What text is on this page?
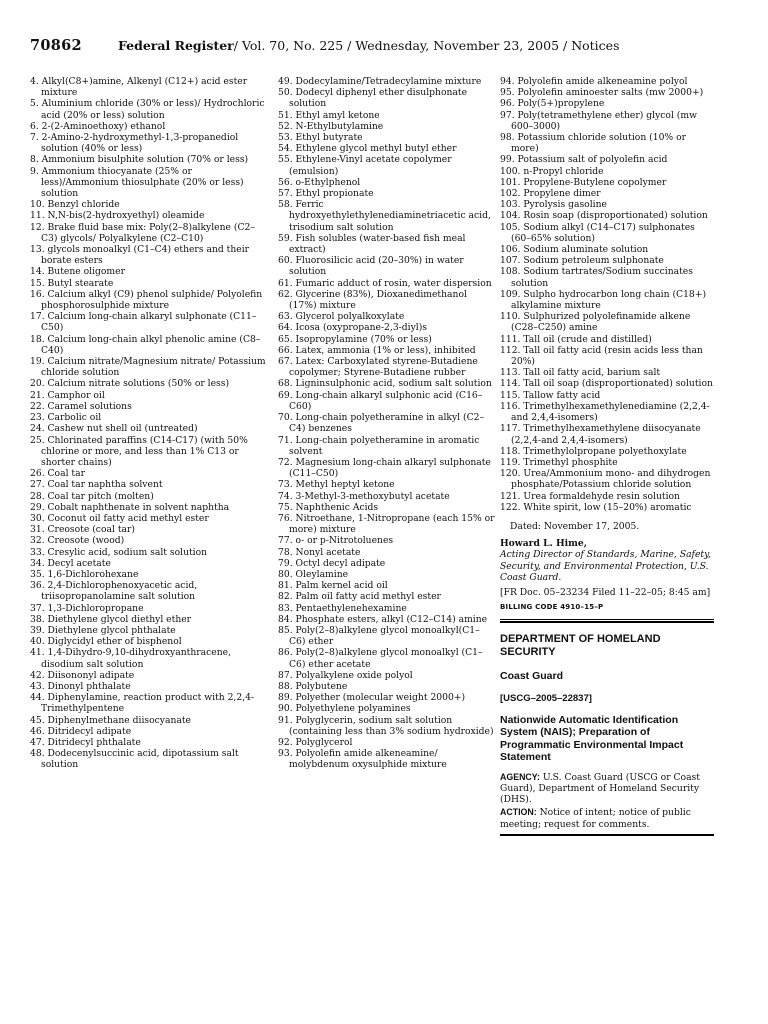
70862	Federal Register/ Vol. 70, No. 225 / Wednesday, November 23, 2005 / Notices
4. Alkyl(C8+)amine, Alkenyl (C12+) acid ester mixture
5. Aluminium chloride (30% or less)/ Hydrochloric acid (20% or less) solution
6. 2-(2-Aminoethoxy) ethanol
7. 2-Amino-2-hydroxymethyl-1,3-propanediol solution (40% or less)
8. Ammonium bisulphite solution (70% or less)
9. Ammonium thiocyanate (25% or less)/Ammonium thiosulphate (20% or less) solution
10. Benzyl chloride
11. N,N-bis(2-hydroxyethyl) oleamide
12. Brake fluid base mix: Poly(2–8)alkylene (C2–C3) glycols/ Polyalkylene (C2–C10)
13. glycols monoalkyl (C1–C4) ethers and their borate esters
14. Butene oligomer
15. Butyl stearate
16. Calcium alkyl (C9) phenol sulphide/ Polyolefin phosphorosulphide mixture
17. Calcium long-chain alkaryl sulphonate (C11–C50)
18. Calcium long-chain alkyl phenolic amine (C8–C40)
19. Calcium nitrate/Magnesium nitrate/ Potassium chloride solution
20. Calcium nitrate solutions (50% or less)
21. Camphor oil
22. Caramel solutions
23. Carbolic oil
24. Cashew nut shell oil (untreated)
25. Chlorinated paraffins (C14-C17) (with 50% chlorine or more, and less than 1% C13 or shorter chains)
26. Coal tar
27. Coal tar naphtha solvent
28. Coal tar pitch (molten)
29. Cobalt naphthenate in solvent naphtha
30. Coconut oil fatty acid methyl ester
31. Creosote (coal tar)
32. Creosote (wood)
33. Cresylic acid, sodium salt solution
34. Decyl acetate
35. 1,6-Dichlorohexane
36. 2,4-Dichlorophenoxyacetic acid, triisopropanolamine salt solution
37. 1,3-Dichloropropane
38. Diethylene glycol diethyl ether
39. Diethylene glycol phthalate
40. Diglycidyl ether of bisphenol
41. 1,4-Dihydro-9,10-dihydroxyanthracene, disodium salt solution
42. Diisononyl adipate
43. Dinonyl phthalate
44. Diphenylamine, reaction product with 2,2,4-Trimethylpentene
45. Diphenylmethane diisocyanate
46. Ditridecyl adipate
47. Ditridecyl phthalate
48. Dodecenylsuccinic acid, dipotassium salt solution
49. Dodecylamine/Tetradecylamine mixture
50. Dodecyl diphenyl ether disulphonate solution
51. Ethyl amyl ketone
52. N-Ethylbutylamine
53. Ethyl butyrate
54. Ethylene glycol methyl butyl ether
55. Ethylene-Vinyl acetate copolymer (emulsion)
56. o-Ethylphenol
57. Ethyl propionate
58. Ferric hydroxyethylethylenediaminetriacetic acid, trisodium salt solution
59. Fish solubles (water-based fish meal extract)
60. Fluorosilicic acid (20–30%) in water solution
61. Fumaric adduct of rosin, water dispersion
62. Glycerine (83%), Dioxanedimethanol (17%) mixture
63. Glycerol polyalkoxylate
64. Icosa (oxypropane-2,3-diyl)s
65. Isopropylamine (70% or less)
66. Latex, ammonia (1% or less), inhibited
67. Latex: Carboxylated styrene-Butadiene copolymer; Styrene-Butadiene rubber
68. Ligninsulphonic acid, sodium salt solution
69. Long-chain alkaryl sulphonic acid (C16–C60)
70. Long-chain polyetheramine in alkyl (C2–C4) benzenes
71. Long-chain polyetheramine in aromatic solvent
72. Magnesium long-chain alkaryl sulphonate (C11–C50)
73. Methyl heptyl ketone
74. 3-Methyl-3-methoxybutyl acetate
75. Naphthenic Acids
76. Nitroethane, 1-Nitropropane (each 15% or more) mixture
77. o- or p-Nitrotoluenes
78. Nonyl acetate
79. Octyl decyl adipate
80. Oleylamine
81. Palm kernel acid oil
82. Palm oil fatty acid methyl ester
83. Pentaethylenehexamine
84. Phosphate esters, alkyl (C12–C14) amine
85. Poly(2–8)alkylene glycol monoalkyl(C1–C6) ether
86. Poly(2–8)alkylene glycol monoalkyl (C1–C6) ether acetate
87. Polyalkylene oxide polyol
88. Polybutene
89. Polyether (molecular weight 2000+)
90. Polyethylene polyamines
91. Polyglycerin, sodium salt solution (containing less than 3% sodium hydroxide)
92. Polyglycerol
93. Polyolefin amide alkeneamine/ molybdenum oxysulphide mixture
94. Polyolefin amide alkeneamine polyol
95. Polyolefin aminoester salts (mw 2000+)
96. Poly(5+)propylene
97. Poly(tetramethylene ether) glycol (mw 600–3000)
98. Potassium chloride solution (10% or more)
99. Potassium salt of polyolefin acid
100. n-Propyl chloride
101. Propylene-Butylene copolymer
102. Propylene dimer
103. Pyrolysis gasoline
104. Rosin soap (disproportionated) solution
105. Sodium alkyl (C14–C17) sulphonates (60–65% solution)
106. Sodium aluminate solution
107. Sodium petroleum sulphonate
108. Sodium tartrates/Sodium succinates solution
109. Sulpho hydrocarbon long chain (C18+) alkylamine mixture
110. Sulphurized polyolefinamide alkene (C28–C250) amine
111. Tall oil (crude and distilled)
112. Tall oil fatty acid (resin acids less than 20%)
113. Tall oil fatty acid, barium salt
114. Tall oil soap (disproportionated) solution
115. Tallow fatty acid
116. Trimethylhexamethylenediamine (2,2,4- and 2,4,4-isomers)
117. Trimethylhexamethylene diisocyanate (2,2,4-and 2,4,4-isomers)
118. Trimethylolpropane polyethoxylate
119. Trimethyl phosphite
120. Urea/Ammonium mono- and dihydrogen phosphate/Potassium chloride solution
121. Urea formaldehyde resin solution
122. White spirit, low (15–20%) aromatic
Dated: November 17, 2005.
Howard L. Hime,
Acting Director of Standards, Marine, Safety, Security, and Environmental Protection, U.S. Coast Guard.
[FR Doc. 05–23234 Filed 11–22–05; 8:45 am]
BILLING CODE 4910–15–P
DEPARTMENT OF HOMELAND SECURITY
Coast Guard
[USCG–2005–22837]
Nationwide Automatic Identification System (NAIS); Preparation of Programmatic Environmental Impact Statement
AGENCY: U.S. Coast Guard (USCG or Coast Guard), Department of Homeland Security (DHS).
ACTION: Notice of intent; notice of public meeting; request for comments.
